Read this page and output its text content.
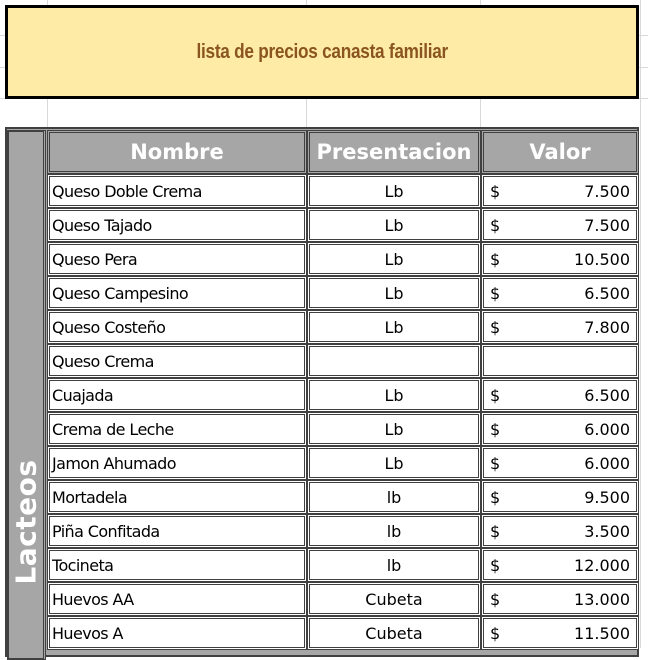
lista de precios canasta familiar
Lacteos
Nombre	Presentacion	Valor
Queso Doble Crema	Lb	$	7.500
Queso Tajado	Lb	$	7.500
Queso Pera	Lb	$	10.500
Queso Campesino	Lb	$	6.500
Queso Costeño	Lb	$	7.800
Queso Crema
Cuajada	Lb	$	6.500
Crema de Leche	Lb	$	6.000
Jamon Ahumado	Lb	$	6.000
Mortadela	lb	$	9.500
Piña Confitada	lb	$	3.500
Tocineta	lb	$	12.000
Huevos AA	Cubeta	$	13.000
Huevos A	Cubeta	$	11.500
